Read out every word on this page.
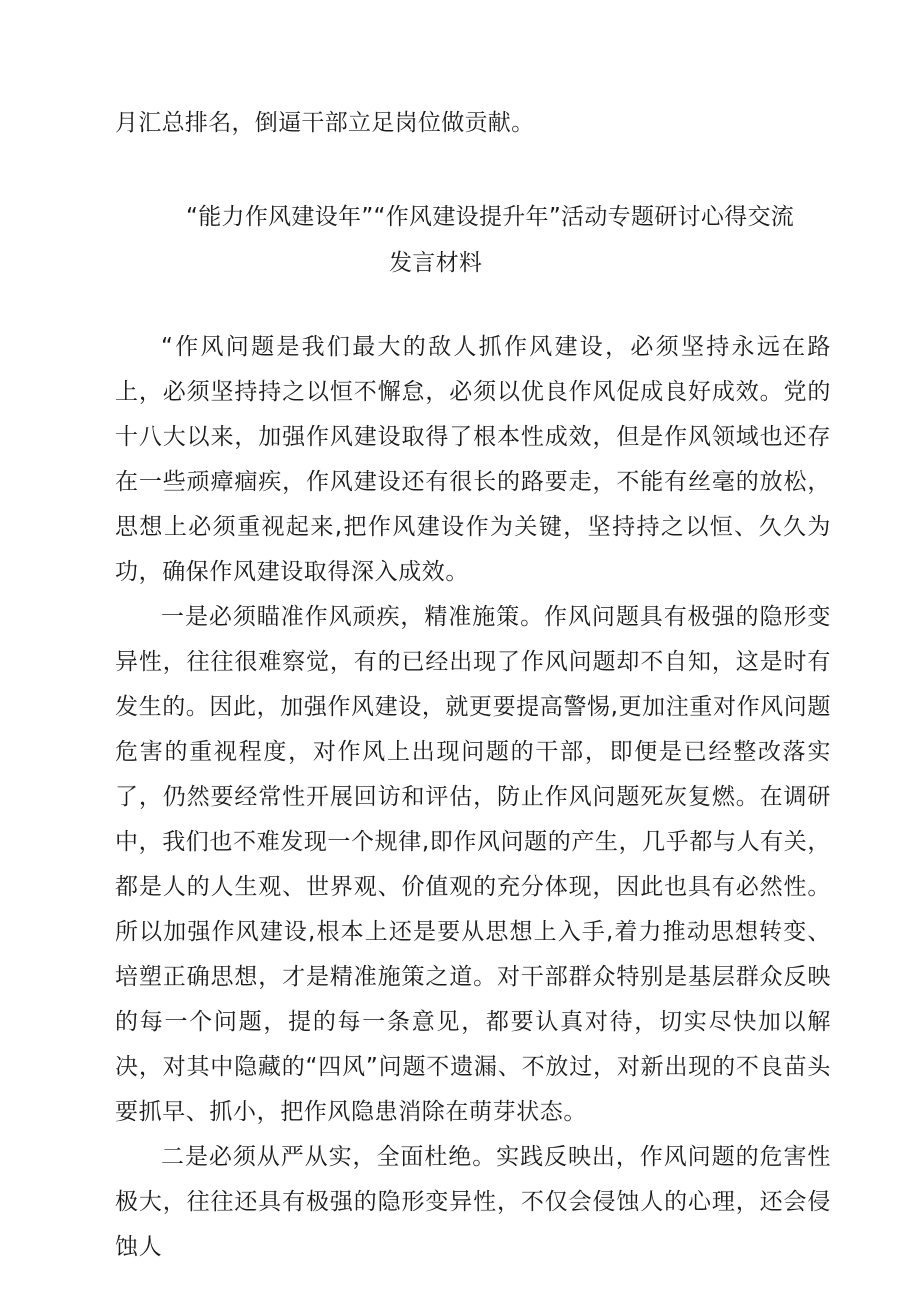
月汇总排名，倒逼干部立足岗位做贡献。
“能力作风建设年”“作风建设提升年”活动专题研讨心得交流
发言材料

“作风问题是我们最大的敌人抓作风建设，必须坚持永远在路上，必须坚持持之以恒不懈怠，必须以优良作风促成良好成效。党的十八大以来，加强作风建设取得了根本性成效，但是作风领域也还存在一些顽瘴痼疾，作风建设还有很长的路要走，不能有丝毫的放松，思想上必须重视起来,把作风建设作为关键，坚持持之以恒、久久为功，确保作风建设取得深入成效。

一是必须瞄准作风顽疾，精准施策。作风问题具有极强的隐形变异性，往往很难察觉，有的已经出现了作风问题却不自知，这是时有发生的。因此，加强作风建设，就更要提高警惕,更加注重对作风问题危害的重视程度，对作风上出现问题的干部，即便是已经整改落实了，仍然要经常性开展回访和评估，防止作风问题死灰复燃。在调研中，我们也不难发现一个规律,即作风问题的产生，几乎都与人有关，都是人的人生观、世界观、价值观的充分体现，因此也具有必然性。所以加强作风建设,根本上还是要从思想上入手,着力推动思想转变、培塑正确思想，才是精准施策之道。对干部群众特别是基层群众反映的每一个问题，提的每一条意见，都要认真对待，切实尽快加以解决，对其中隐藏的“四风”问题不遗漏、不放过，对新出现的不良苗头要抓早、抓小，把作风隐患消除在萌芽状态。

二是必须从严从实，全面杜绝。实践反映出，作风问题的危害性极大，往往还具有极强的隐形变异性，不仅会侵蚀人的心理，还会侵蚀人
